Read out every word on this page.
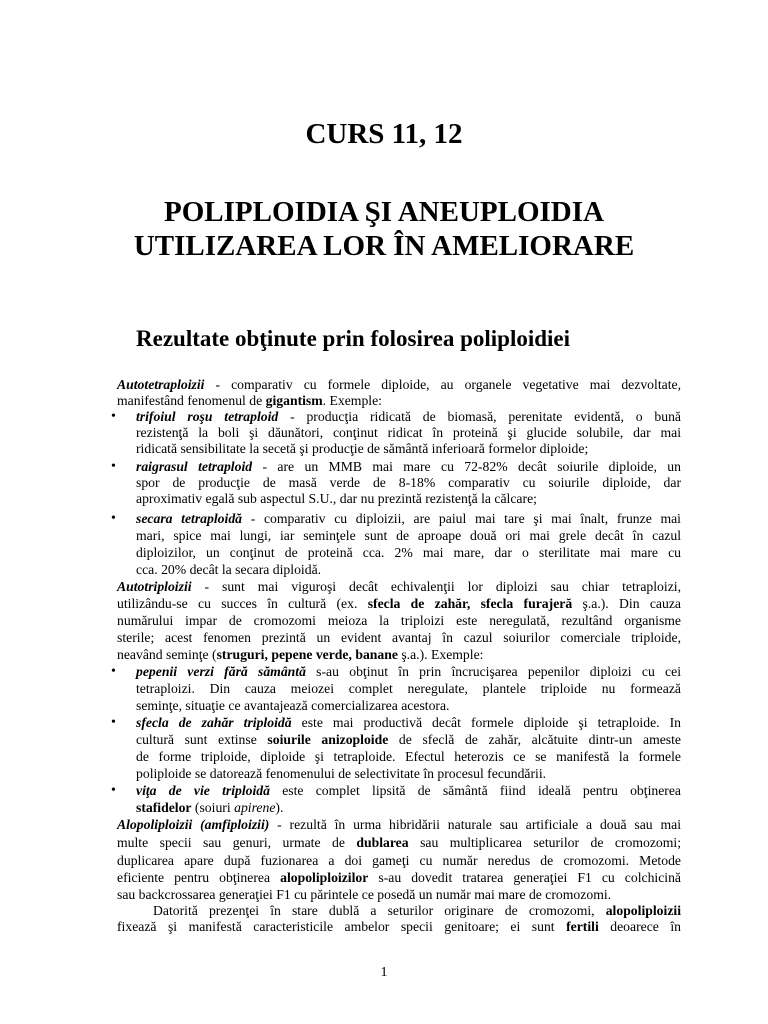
CURS 11, 12
POLIPLOIDIA ŞI ANEUPLOIDIA
UTILIZAREA LOR ÎN AMELIORARE
Rezultate obţinute prin folosirea poliploidiei
Autotetraploizii - comparativ cu formele diploide, au organele vegetative mai dezvoltate,
manifestând fenomenul de gigantism. Exemple:
• trifoiul roşu tetraploid - producţia ridicată de biomasă, perenitate evidentă, o bună
rezistenţă la boli şi dăunători, conţinut ridicat în proteină şi glucide solubile, dar mai
ridicată sensibilitate la secetă şi producţie de sământă inferioară formelor diploide;
• raigrasul tetraploid - are un MMB mai mare cu 72-82% decât soiurile diploide, un
spor de producţie de masă verde de 8-18% comparativ cu soiurile diploide, dar
aproximativ egală sub aspectul S.U., dar nu prezintă rezistenţă la călcare;
• secara tetraploidă - comparativ cu diploizii, are paiul mai tare şi mai înalt, frunze mai
mari, spice mai lungi, iar seminţele sunt de aproape două ori mai grele decât în cazul
diploizilor, un conţinut de proteină cca. 2% mai mare, dar o sterilitate mai mare cu
cca. 20% decât la secara diploidă.
Autotriploizii - sunt mai viguroşi decât echivalenţii lor diploizi sau chiar tetraploizi,
utilizându-se cu succes în cultură (ex. sfecla de zahăr, sfecla furajeră ş.a.). Din cauza
numărului impar de cromozomi meioza la triploizi este neregulată, rezultând organisme
sterile; acest fenomen prezintă un evident avantaj în cazul soiurilor comerciale triploide,
neavând seminţe (struguri, pepene verde, banane ş.a.). Exemple:
• pepenii verzi fără sământă s-au obţinut în prin încrucişarea pepenilor diploizi cu cei
tetraploizi. Din cauza meiozei complet neregulate, plantele triploide nu formează
seminţe, situaţie ce avantajează comercializarea acestora.
• sfecla de zahăr triploidă este mai productivă decât formele diploide şi tetraploide. In
cultură sunt extinse soiurile anizoploide de sfeclă de zahăr, alcătuite dintr-un ameste
de forme triploide, diploide şi tetraploide. Efectul heterozis ce se manifestă la formele
poliploide se datorează fenomenului de selectivitate în procesul fecundării.
• viţa de vie triploidă este complet lipsită de sământă fiind ideală pentru obţinerea
stafidelor (soiuri apirene).
Alopoliploizii (amfiploizii) - rezultă în urma hibridării naturale sau artificiale a două sau mai
multe specii sau genuri, urmate de dublarea sau multiplicarea seturilor de cromozomi;
duplicarea apare după fuzionarea a doi gameţi cu număr neredus de cromozomi. Metode
eficiente pentru obţinerea alopoliploizilor s-au dovedit tratarea generaţiei F1 cu colchicină
sau backcrossarea generaţiei F1 cu părintele ce posedă un număr mai mare de cromozomi.
Datorită prezenţei în stare dublă a seturilor originare de cromozomi, alopoliploizii
fixează şi manifestă caracteristicile ambelor specii genitoare; ei sunt fertili deoarece în
1
